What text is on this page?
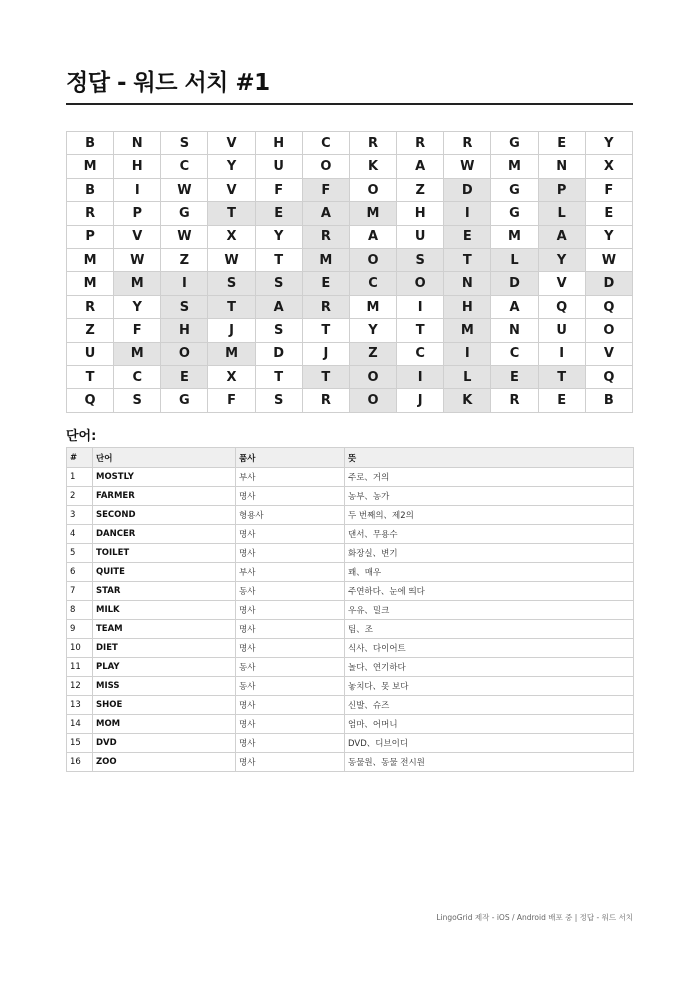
정답 - 워드 서치 #1
B	N	S	V	H	C	R	R	R	G	E	Y
M	H	C	Y	U	O	K	A	W	M	N	X
B	I	W	V	F	F	O	Z	D	G	P	F
R	P	G	T	E	A	M	H	I	G	L	E
P	V	W	X	Y	R	A	U	E	M	A	Y
M	W	Z	W	T	M	O	S	T	L	Y	W
M	M	I	S	S	E	C	O	N	D	V	D
R	Y	S	T	A	R	M	I	H	A	Q	Q
Z	F	H	J	S	T	Y	T	M	N	U	O
U	M	O	M	D	J	Z	C	I	C	I	V
T	C	E	X	T	T	O	I	L	E	T	Q
Q	S	G	F	S	R	O	J	K	R	E	B
단어:
#	단어	품사	뜻
1	MOSTLY	부사	주로、거의
2	FARMER	명사	농부、농가
3	SECOND	형용사	두 번째의、제2의
4	DANCER	명사	댄서、무용수
5	TOILET	명사	화장실、변기
6	QUITE	부사	꽤、매우
7	STAR	동사	주연하다、눈에 띄다
8	MILK	명사	우유、밀크
9	TEAM	명사	팀、조
10	DIET	명사	식사、다이어트
11	PLAY	동사	놀다、연기하다
12	MISS	동사	놓치다、못 보다
13	SHOE	명사	신발、슈즈
14	MOM	명사	엄마、어머니
15	DVD	명사	DVD、디브이디
16	ZOO	명사	동물원、동물 전시원
LingoGrid 제작 - iOS / Android 배포 중 | 정답 - 워드 서치
